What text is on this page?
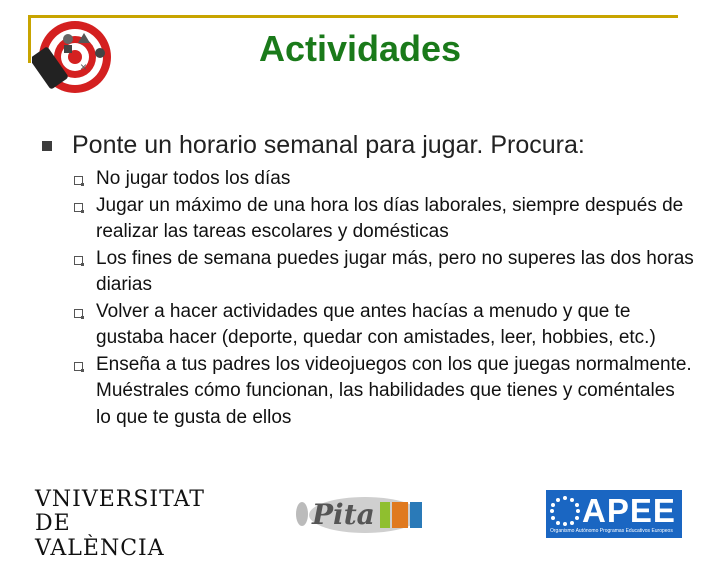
×	Actividades
Ponte un horario semanal para jugar. Procura:
No jugar todos los días
Jugar un máximo de una hora los días laborales, siempre después de realizar las tareas escolares y domésticas
Los fines de semana puedes jugar más, pero no superes las dos horas diarias
Volver a hacer actividades que antes hacías a menudo y que te gustaba hacer (deporte, quedar con amistades, leer, hobbies, etc.)
Enseña a tus padres los videojuegos con los que juegas normalmente. Muéstrales cómo funcionan, las habilidades que tienes y coméntales lo que te gusta de ellos
VNIVERSITAT
DE VALÈNCIA
Pita	APEE
Organismo Autónomo Programas Educativos Europeos
